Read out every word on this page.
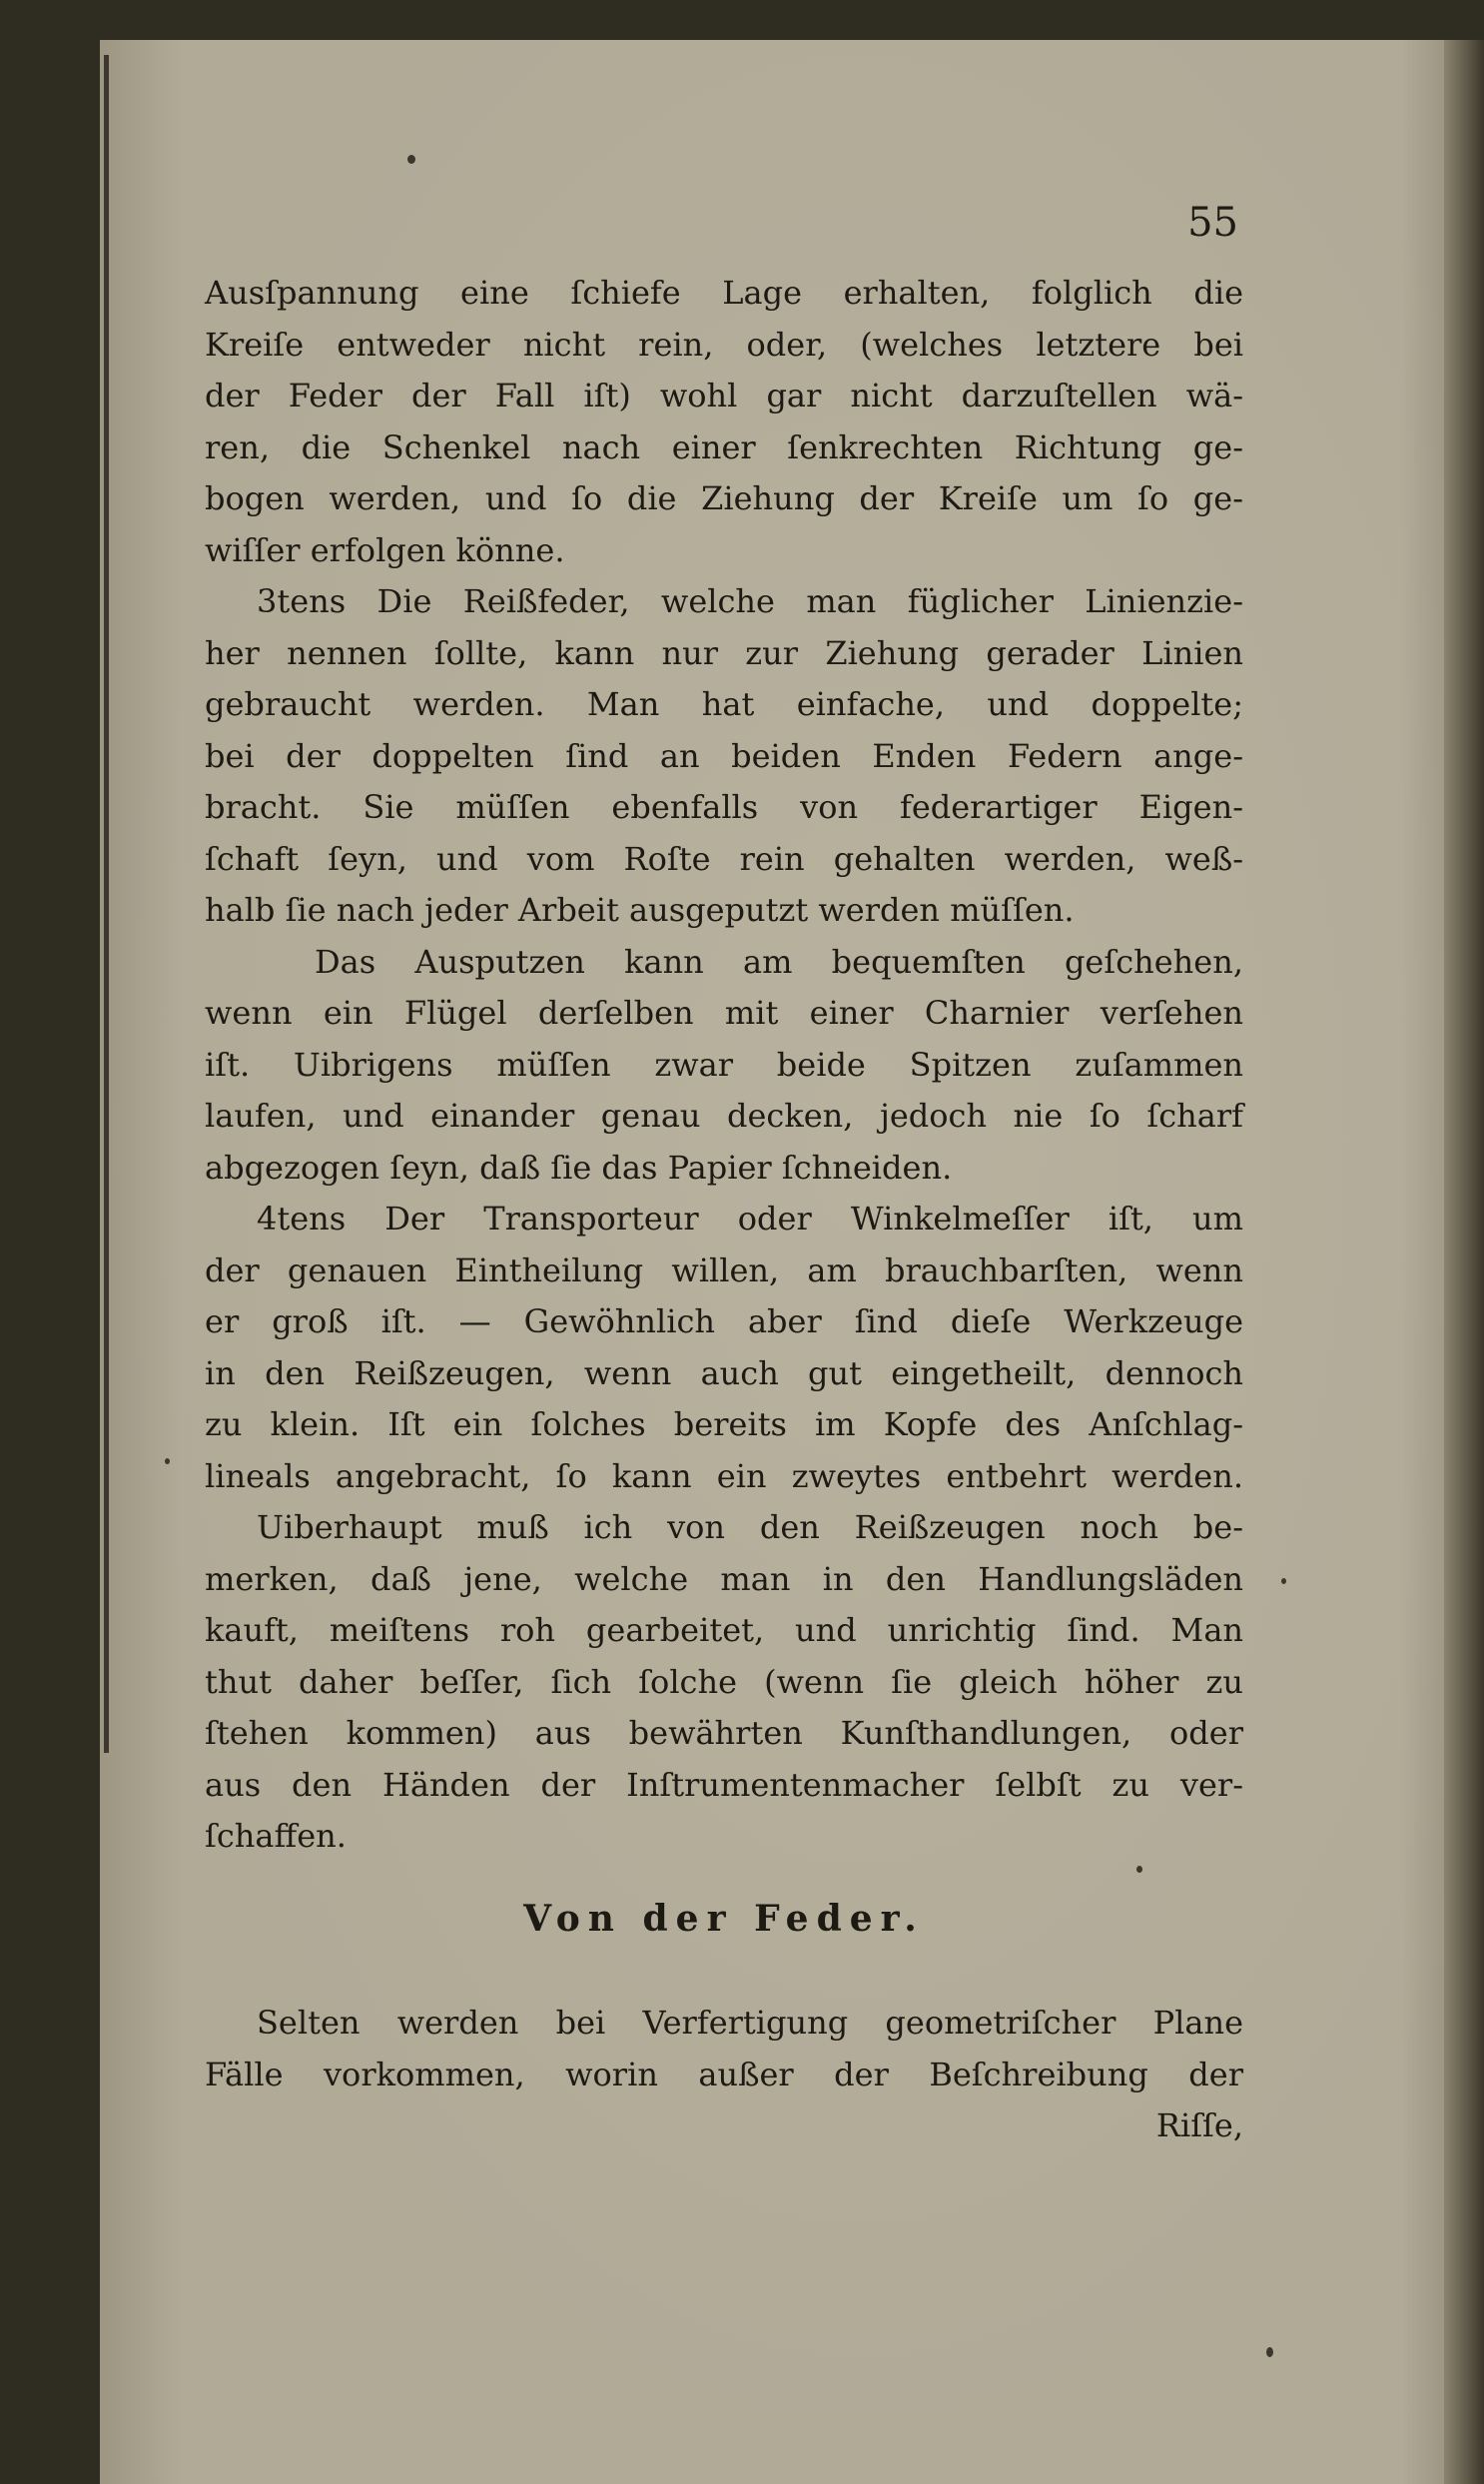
55
Ausſpannung eine ſchiefe Lage erhalten, folglich die
Kreiſe entweder nicht rein, oder, (welches letztere bei
der Feder der Fall iſt) wohl gar nicht darzuſtellen wä-
ren, die Schenkel nach einer ſenkrechten Richtung ge-
bogen werden, und ſo die Ziehung der Kreiſe um ſo ge-
wiſſer erfolgen könne.
3tens Die Reißfeder, welche man füglicher Linienzie-
her nennen ſollte, kann nur zur Ziehung gerader Linien
gebraucht werden. Man hat einfache, und doppelte;
bei der doppelten ſind an beiden Enden Federn ange-
bracht. Sie müſſen ebenfalls von federartiger Eigen-
ſchaft ſeyn, und vom Roſte rein gehalten werden, weß-
halb ſie nach jeder Arbeit ausgeputzt werden müſſen.
Das Ausputzen kann am bequemſten geſchehen,
wenn ein Flügel derſelben mit einer Charnier verſehen
iſt. Uibrigens müſſen zwar beide Spitzen zuſammen
laufen, und einander genau decken, jedoch nie ſo ſcharf
abgezogen ſeyn, daß ſie das Papier ſchneiden.
4tens Der Transporteur oder Winkelmeſſer iſt, um
der genauen Eintheilung willen, am brauchbarſten, wenn
er groß iſt. — Gewöhnlich aber ſind dieſe Werkzeuge
in den Reißzeugen, wenn auch gut eingetheilt, dennoch
zu klein. Iſt ein ſolches bereits im Kopfe des Anſchlag-
lineals angebracht, ſo kann ein zweytes entbehrt werden.
Uiberhaupt muß ich von den Reißzeugen noch be-
merken, daß jene, welche man in den Handlungsläden
kauft, meiſtens roh gearbeitet, und unrichtig ſind. Man
thut daher beſſer, ſich ſolche (wenn ſie gleich höher zu
ſtehen kommen) aus bewährten Kunſthandlungen, oder
aus den Händen der Inſtrumentenmacher ſelbſt zu ver-
ſchaffen.
Von der Feder.
Selten werden bei Verfertigung geometriſcher Plane
Fälle vorkommen, worin außer der Beſchreibung der
Riſſe,
